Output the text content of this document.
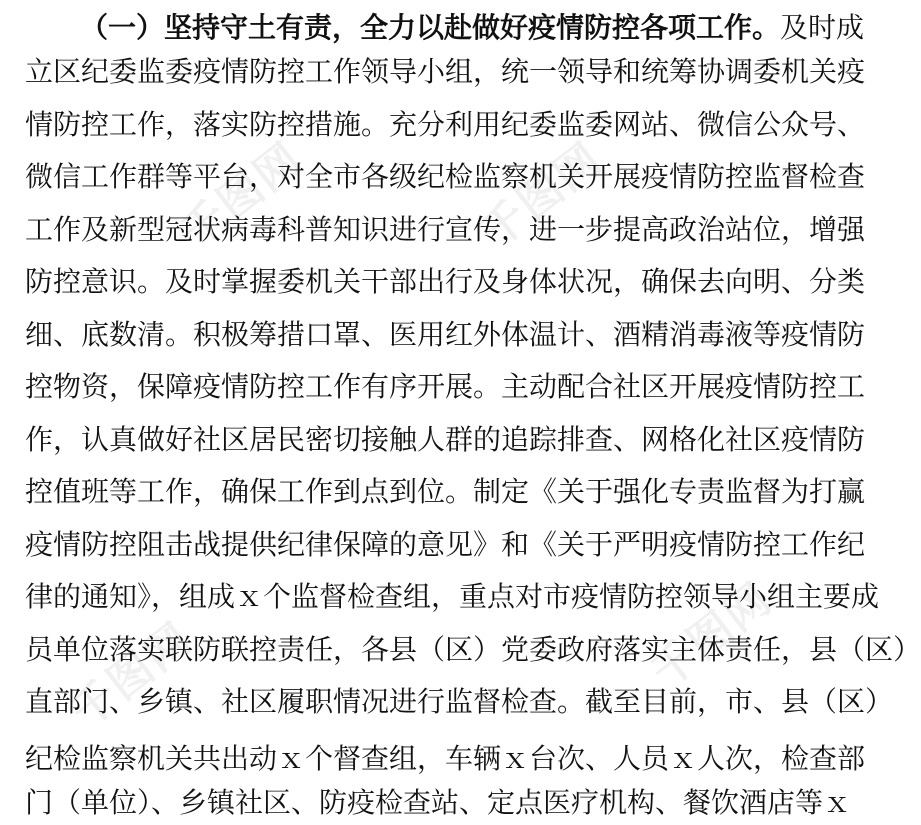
千图网	千图网
千图网	千图网
（一）坚持守土有责，全力以赴做好疫情防控各项工作。及时成
立区纪委监委疫情防控工作领导小组，统一领导和统筹协调委机关疫
情防控工作，落实防控措施。充分利用纪委监委网站、微信公众号、
微信工作群等平台，对全市各级纪检监察机关开展疫情防控监督检查
工作及新型冠状病毒科普知识进行宣传，进一步提高政治站位，增强
防控意识。及时掌握委机关干部出行及身体状况，确保去向明、分类
细、底数清。积极筹措口罩、医用红外体温计、酒精消毒液等疫情防
控物资，保障疫情防控工作有序开展。主动配合社区开展疫情防控工
作，认真做好社区居民密切接触人群的追踪排查、网格化社区疫情防
控值班等工作，确保工作到点到位。制定《关于强化专责监督为打赢
疫情防控阻击战提供纪律保障的意见》和《关于严明疫情防控工作纪
律的通知》，组成ｘ个监督检查组，重点对市疫情防控领导小组主要成
员单位落实联防联控责任，各县（区）党委政府落实主体责任，县（区）
直部门、乡镇、社区履职情况进行监督检查。截至目前，市、县（区）
纪检监察机关共出动ｘ个督查组，车辆ｘ台次、人员ｘ人次，检查部
门（单位）、乡镇社区、防疫检查站、定点医疗机构、餐饮酒店等ｘ
